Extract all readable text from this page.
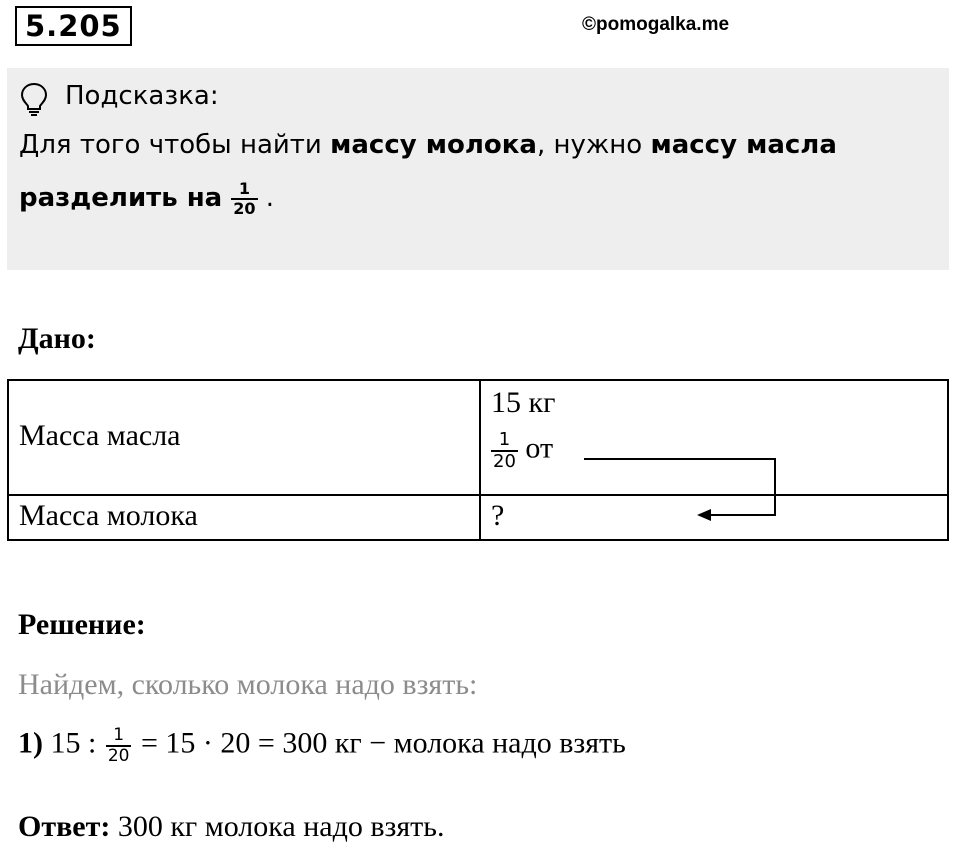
5.205	©pomogalka.me
Подсказка:
Для того чтобы найти массу молока, нужно массу масла
разделить на $\frac{1}{20}$ .
Дано:
Масса масла
15 кг
$\frac{1}{20}$ от
Масса молока	?
Решение:
Найдем, сколько молока надо взять:
1) 15 : $\frac{1}{20} = 15 \cdot 20 = 300$ кг − молока надо взять
Ответ: 300 кг молока надо взять.
